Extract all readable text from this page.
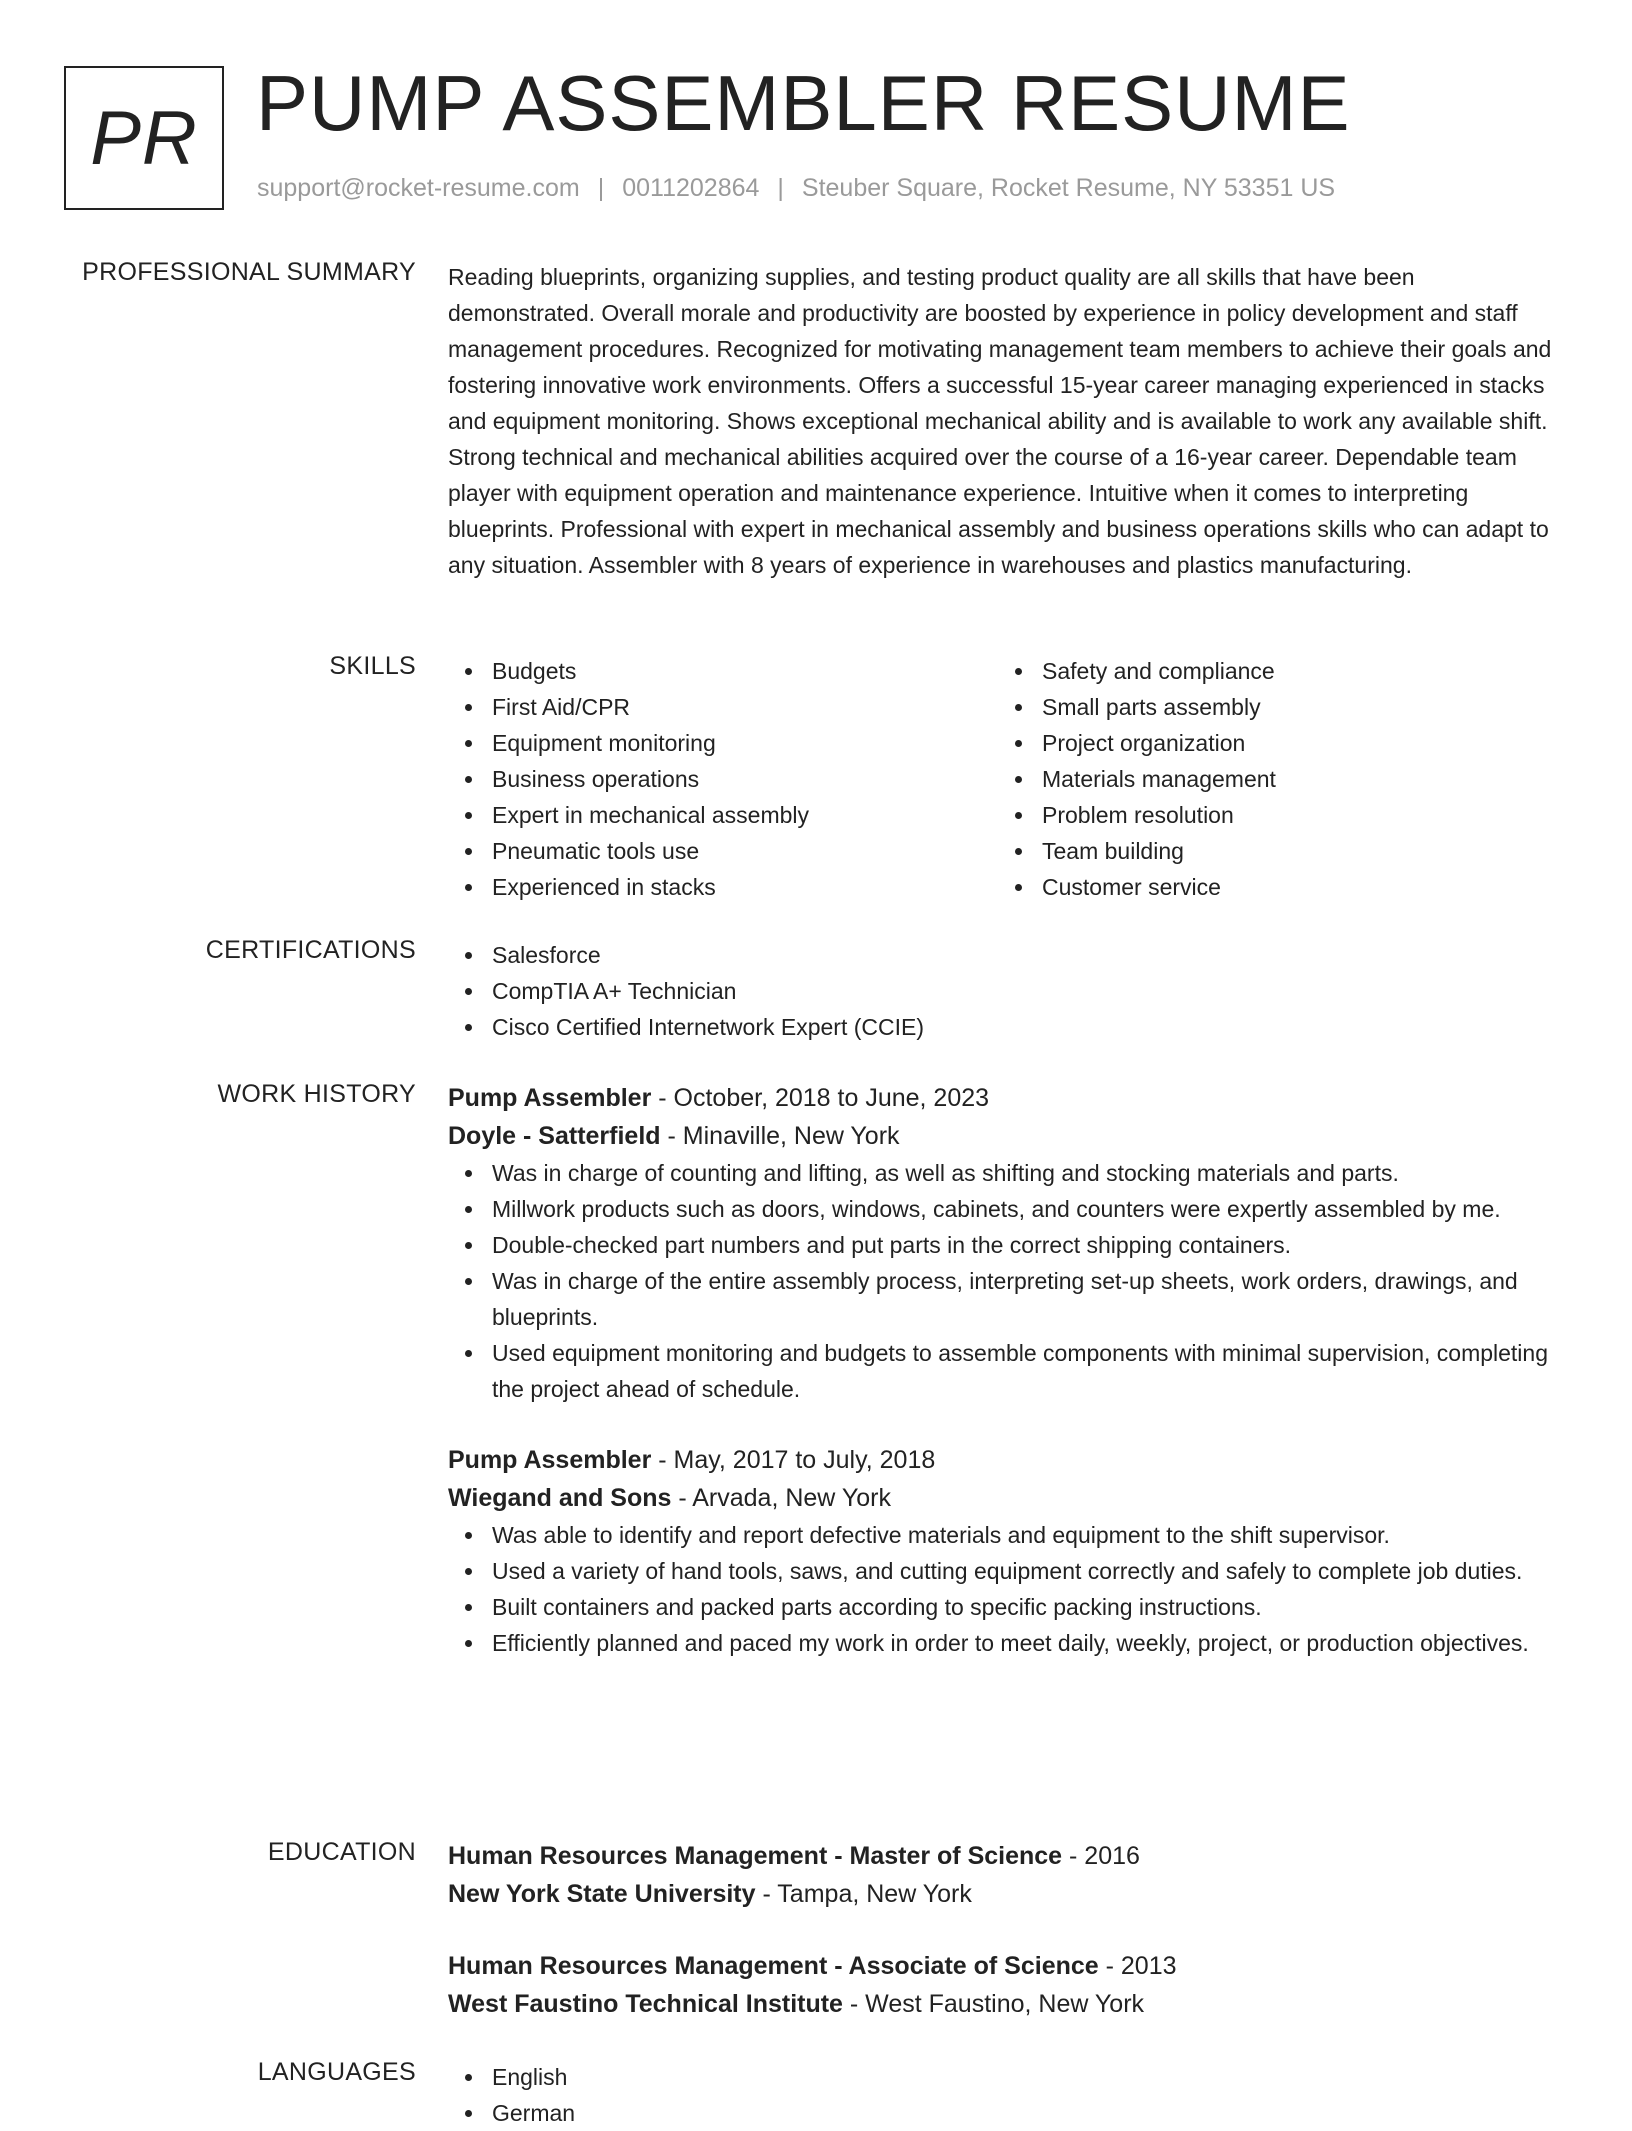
PR PUMP ASSEMBLER RESUME
support@rocket-resume.com | 0011202864 | Steuber Square, Rocket Resume, NY 53351 US
PROFESSIONAL SUMMARY Reading blueprints, organizing supplies, and testing product quality are all skills that have been demonstrated. Overall morale and productivity are boosted by experience in policy development and staff management procedures. Recognized for motivating management team members to achieve their goals and fostering innovative work environments. Offers a successful 15-year career managing experienced in stacks and equipment monitoring. Shows exceptional mechanical ability and is available to work any available shift. Strong technical and mechanical abilities acquired over the course of a 16-year career. Dependable team player with equipment operation and maintenance experience. Intuitive when it comes to interpreting blueprints. Professional with expert in mechanical assembly and business operations skills who can adapt to any situation. Assembler with 8 years of experience in warehouses and plastics manufacturing.

SKILLS	Budgets
First Aid/CPR
Equipment monitoring
Business operations
Expert in mechanical assembly
Pneumatic tools use
Experienced in stacks
Safety and compliance
Small parts assembly
Project organization
Materials management
Problem resolution
Team building
Customer service
CERTIFICATIONS	Salesforce
CompTIA A+ Technician
Cisco Certified Internetwork Expert (CCIE)
WORK HISTORY Pump Assembler - October, 2018 to June, 2023
Doyle - Satterfield - Minaville, New York
Was in charge of counting and lifting, as well as shifting and stocking materials and parts.
Millwork products such as doors, windows, cabinets, and counters were expertly assembled by me.
Double-checked part numbers and put parts in the correct shipping containers.
Was in charge of the entire assembly process, interpreting set-up sheets, work orders, drawings, and blueprints.
Used equipment monitoring and budgets to assemble components with minimal supervision, completing the project ahead of schedule.
Pump Assembler - May, 2017 to July, 2018
Wiegand and Sons - Arvada, New York
Was able to identify and report defective materials and equipment to the shift supervisor.
Used a variety of hand tools, saws, and cutting equipment correctly and safely to complete job duties.
Built containers and packed parts according to specific packing instructions.
Efficiently planned and paced my work in order to meet daily, weekly, project, or production objectives.
EDUCATION Human Resources Management - Master of Science - 2016
New York State University - Tampa, New York
Human Resources Management - Associate of Science - 2013
West Faustino Technical Institute - West Faustino, New York
LANGUAGES	English
German
